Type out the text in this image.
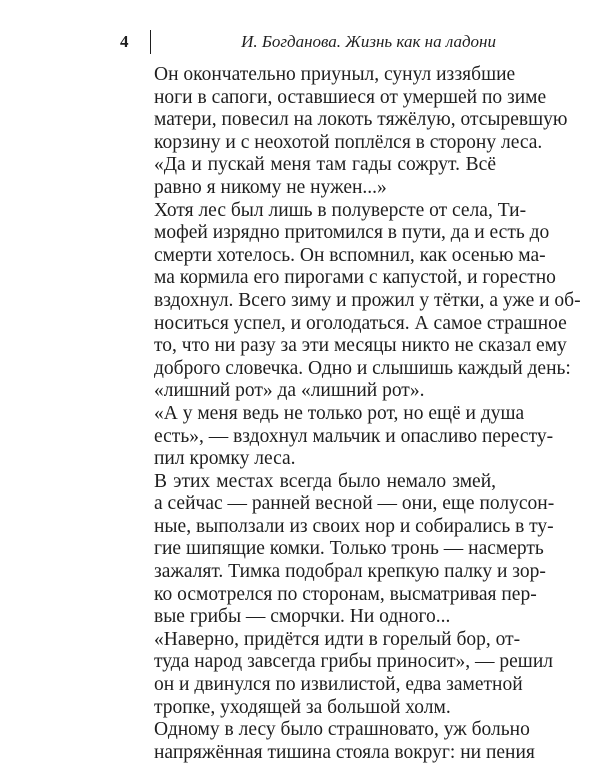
4	И. Богданова. Жизнь как на ладони
Он окончательно приуныл, сунул иззябшие
ноги в сапоги, оставшиеся от умершей по зиме
матери, повесил на локоть тяжёлую, отсыревшую
корзину и с неохотой поплёлся в сторону леса.
«Да и пускай меня там гады сожрут. Всё
равно я никому не нужен...»
Хотя лес был лишь в полуверсте от села, Ти-
мофей изрядно притомился в пути, да и есть до
смерти хотелось. Он вспомнил, как осенью ма-
ма кормила его пирогами с капустой, и горестно
вздохнул. Всего зиму и прожил у тётки, а уже и об-
носиться успел, и оголодаться. А самое страшное
то, что ни разу за эти месяцы никто не сказал ему
доброго словечка. Одно и слышишь каждый день:
«лишний рот» да «лишний рот».
«А у меня ведь не только рот, но ещё и душа
есть», — вздохнул мальчик и опасливо пересту-
пил кромку леса.
В этих местах всегда было немало змей,
а сейчас — ранней весной — они, еще полусон-
ные, выползали из своих нор и собирались в ту-
гие шипящие комки. Только тронь — насмерть
зажалят. Тимка подобрал крепкую палку и зор-
ко осмотрелся по сторонам, высматривая пер-
вые грибы — сморчки. Ни одного...
«Наверно, придётся идти в горелый бор, от-
туда народ завсегда грибы приносит», — решил
он и двинулся по извилистой, едва заметной
тропке, уходящей за большой холм.
Одному в лесу было страшновато, уж больно
напряжённая тишина стояла вокруг: ни пения
